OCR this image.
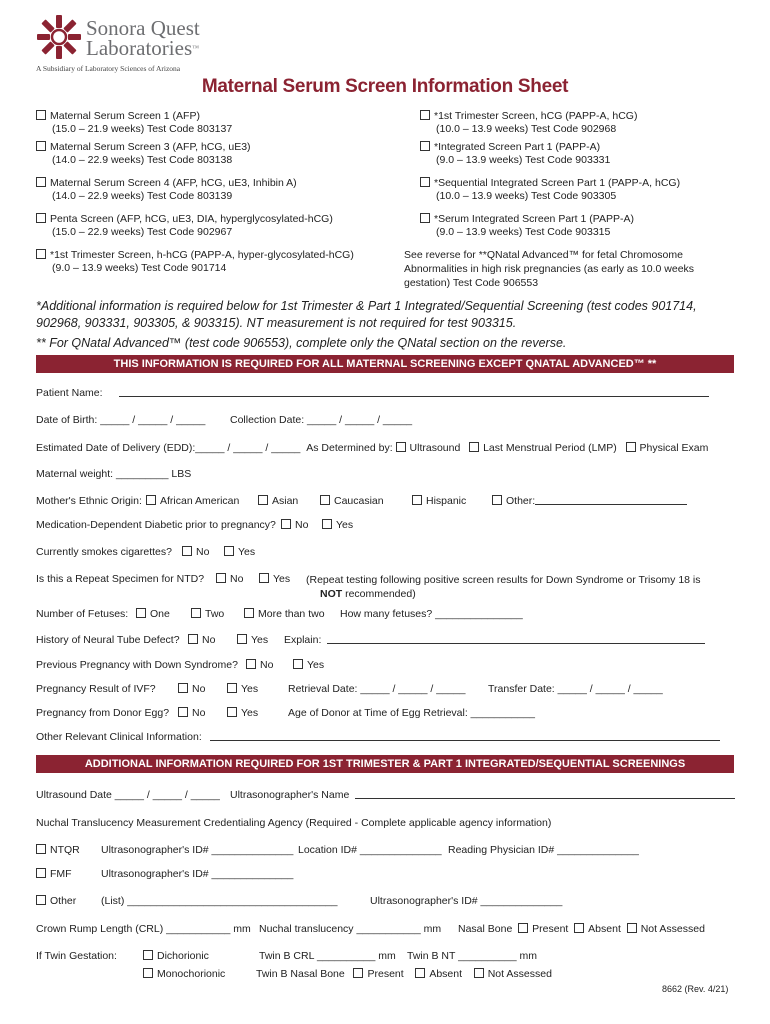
Sonora Quest
Laboratories™
A Subsidiary of Laboratory Sciences of Arizona
Maternal Serum Screen Information Sheet
Maternal Serum Screen 1 (AFP)
(15.0 – 21.9 weeks) Test Code 803137
Maternal Serum Screen 3 (AFP, hCG, uE3)
(14.0 – 22.9 weeks) Test Code 803138
Maternal Serum Screen 4 (AFP, hCG, uE3, Inhibin A)
(14.0 – 22.9 weeks) Test Code 803139
Penta Screen (AFP, hCG, uE3, DIA, hyperglycosylated-hCG)
(15.0 – 22.9 weeks) Test Code 902967
*1st Trimester Screen, h-hCG (PAPP-A, hyper-glycosylated-hCG)
(9.0 – 13.9 weeks) Test Code 901714
*1st Trimester Screen, hCG (PAPP-A, hCG)
(10.0 – 13.9 weeks) Test Code 902968
*Integrated Screen Part 1 (PAPP-A)
(9.0 – 13.9 weeks) Test Code 903331
*Sequential Integrated Screen Part 1 (PAPP-A, hCG)
(10.0 – 13.9 weeks) Test Code 903305
*Serum Integrated Screen Part 1 (PAPP-A)
(9.0 – 13.9 weeks) Test Code 903315
See reverse for **QNatal Advanced™ for fetal Chromosome
Abnormalities in high risk pregnancies (as early as 10.0 weeks
gestation) Test Code 906553
*Additional information is required below for 1st Trimester & Part 1 Integrated/Sequential Screening (test codes 901714,
902968, 903331, 903305, & 903315). NT measurement is not required for test 903315.
** For QNatal Advanced™ (test code 906553), complete only the QNatal section on the reverse.
THIS INFORMATION IS REQUIRED FOR ALL MATERNAL SCREENING EXCEPT QNATAL ADVANCED™ **
Patient Name:
Date of Birth: _____ / _____ / _____ Collection Date: _____ / _____ / _____
Estimated Date of Delivery (EDD):_____ / _____ / _____ As Determined by: Ultrasound Last Menstrual Period (LMP) Physical Exam
Maternal weight: _________ LBS
Mother's Ethnic Origin:	African American	Asian	Caucasian	Hispanic	Other:
Medication-Dependent Diabetic prior to pregnancy?	No	Yes
Currently smokes cigarettes?	No	Yes
Is this a Repeat Specimen for NTD?	No	Yes (Repeat testing following positive screen results for Down Syndrome or Trisomy 18 is
NOT recommended)
Number of Fetuses:	One	Two	More than two How many fetuses? _______________
History of Neural Tube Defect?	No	Yes Explain:
Previous Pregnancy with Down Syndrome?	No	Yes
Pregnancy Result of IVF?	No	Yes	Retrieval Date: _____ / _____ / _____ Transfer Date: _____ / _____ / _____
Pregnancy from Donor Egg?	No	Yes	Age of Donor at Time of Egg Retrieval: ___________
Other Relevant Clinical Information:
ADDITIONAL INFORMATION REQUIRED FOR 1ST TRIMESTER & PART 1 INTEGRATED/SEQUENTIAL SCREENINGS
Ultrasound Date _____ / _____ / _____ Ultrasonographer's Name
Nuchal Translucency Measurement Credentialing Agency (Required - Complete applicable agency information)
NTQR Ultrasonographer's ID# ______________ Location ID# ______________ Reading Physician ID# ______________
FMF	Ultrasonographer's ID# ______________
Other (List) ____________________________________	Ultrasonographer's ID# ______________
Crown Rump Length (CRL) ___________ mm Nuchal translucency ___________ mm Nasal Bone Present Absent Not Assessed
If Twin Gestation:	Dichorionic	Twin B CRL __________ mm Twin B NT __________ mm
Monochorionic	Twin B Nasal Bone Present Absent Not Assessed
8662 (Rev. 4/21)
